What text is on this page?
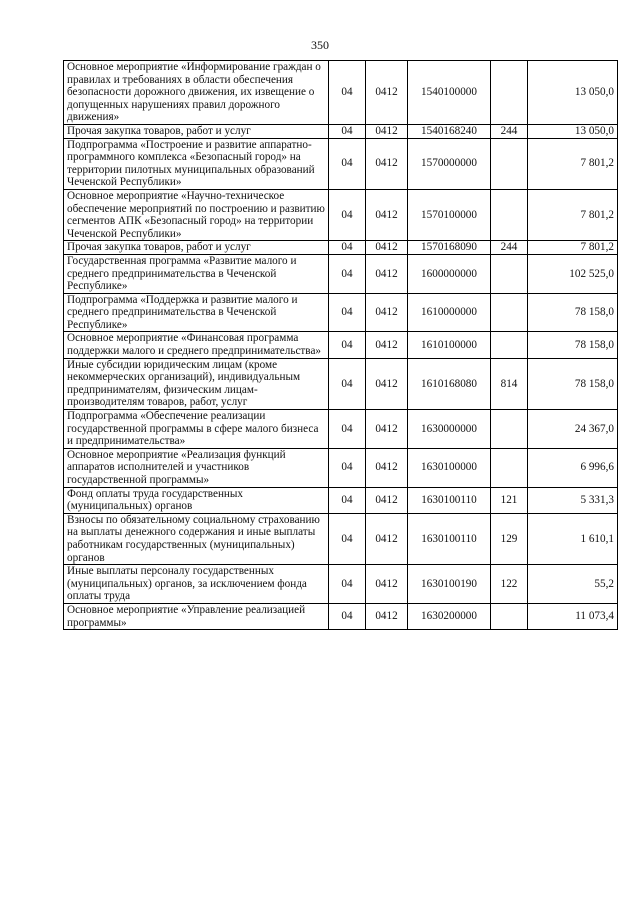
350
Основное мероприятие «Информирование граждан о правилах и требованиях в области обеспечения безопасности дорожного движения, их извещение о допущенных нарушениях правил дорожного движения»	04	0412	1540100000		13 050,0
Прочая закупка товаров, работ и услуг	04	0412	1540168240	244	13 050,0
Подпрограмма «Построение и развитие аппаратно-программного комплекса «Безопасный город» на территории пилотных муниципальных образований Чеченской Республики»	04	0412	1570000000		7 801,2
Основное мероприятие «Научно-техническое обеспечение мероприятий по построению и развитию сегментов АПК «Безопасный город» на территории Чеченской Республики»	04	0412	1570100000		7 801,2
Прочая закупка товаров, работ и услуг	04	0412	1570168090	244	7 801,2
Государственная программа «Развитие малого и среднего предпринимательства в Чеченской Республике»	04	0412	1600000000		102 525,0
Подпрограмма «Поддержка и развитие малого и среднего предпринимательства в Чеченской Республике»	04	0412	1610000000		78 158,0
Основное мероприятие «Финансовая программа поддержки малого и среднего предпринимательства»	04	0412	1610100000		78 158,0
Иные субсидии юридическим лицам (кроме некоммерческих организаций), индивидуальным предпринимателям, физическим лицам-производителям товаров, работ, услуг	04	0412	1610168080	814	78 158,0
Подпрограмма «Обеспечение реализации государственной программы в сфере малого бизнеса и предпринимательства»	04	0412	1630000000		24 367,0
Основное мероприятие «Реализация функций аппаратов исполнителей и участников государственной программы»	04	0412	1630100000		6 996,6
Фонд оплаты труда государственных (муниципальных) органов	04	0412	1630100110	121	5 331,3
Взносы по обязательному социальному страхованию на выплаты денежного содержания и иные выплаты работникам государственных (муниципальных) органов	04	0412	1630100110	129	1 610,1
Иные выплаты персоналу государственных (муниципальных) органов, за исключением фонда оплаты труда	04	0412	1630100190	122	55,2
Основное мероприятие «Управление реализацией программы»	04	0412	1630200000		11 073,4
